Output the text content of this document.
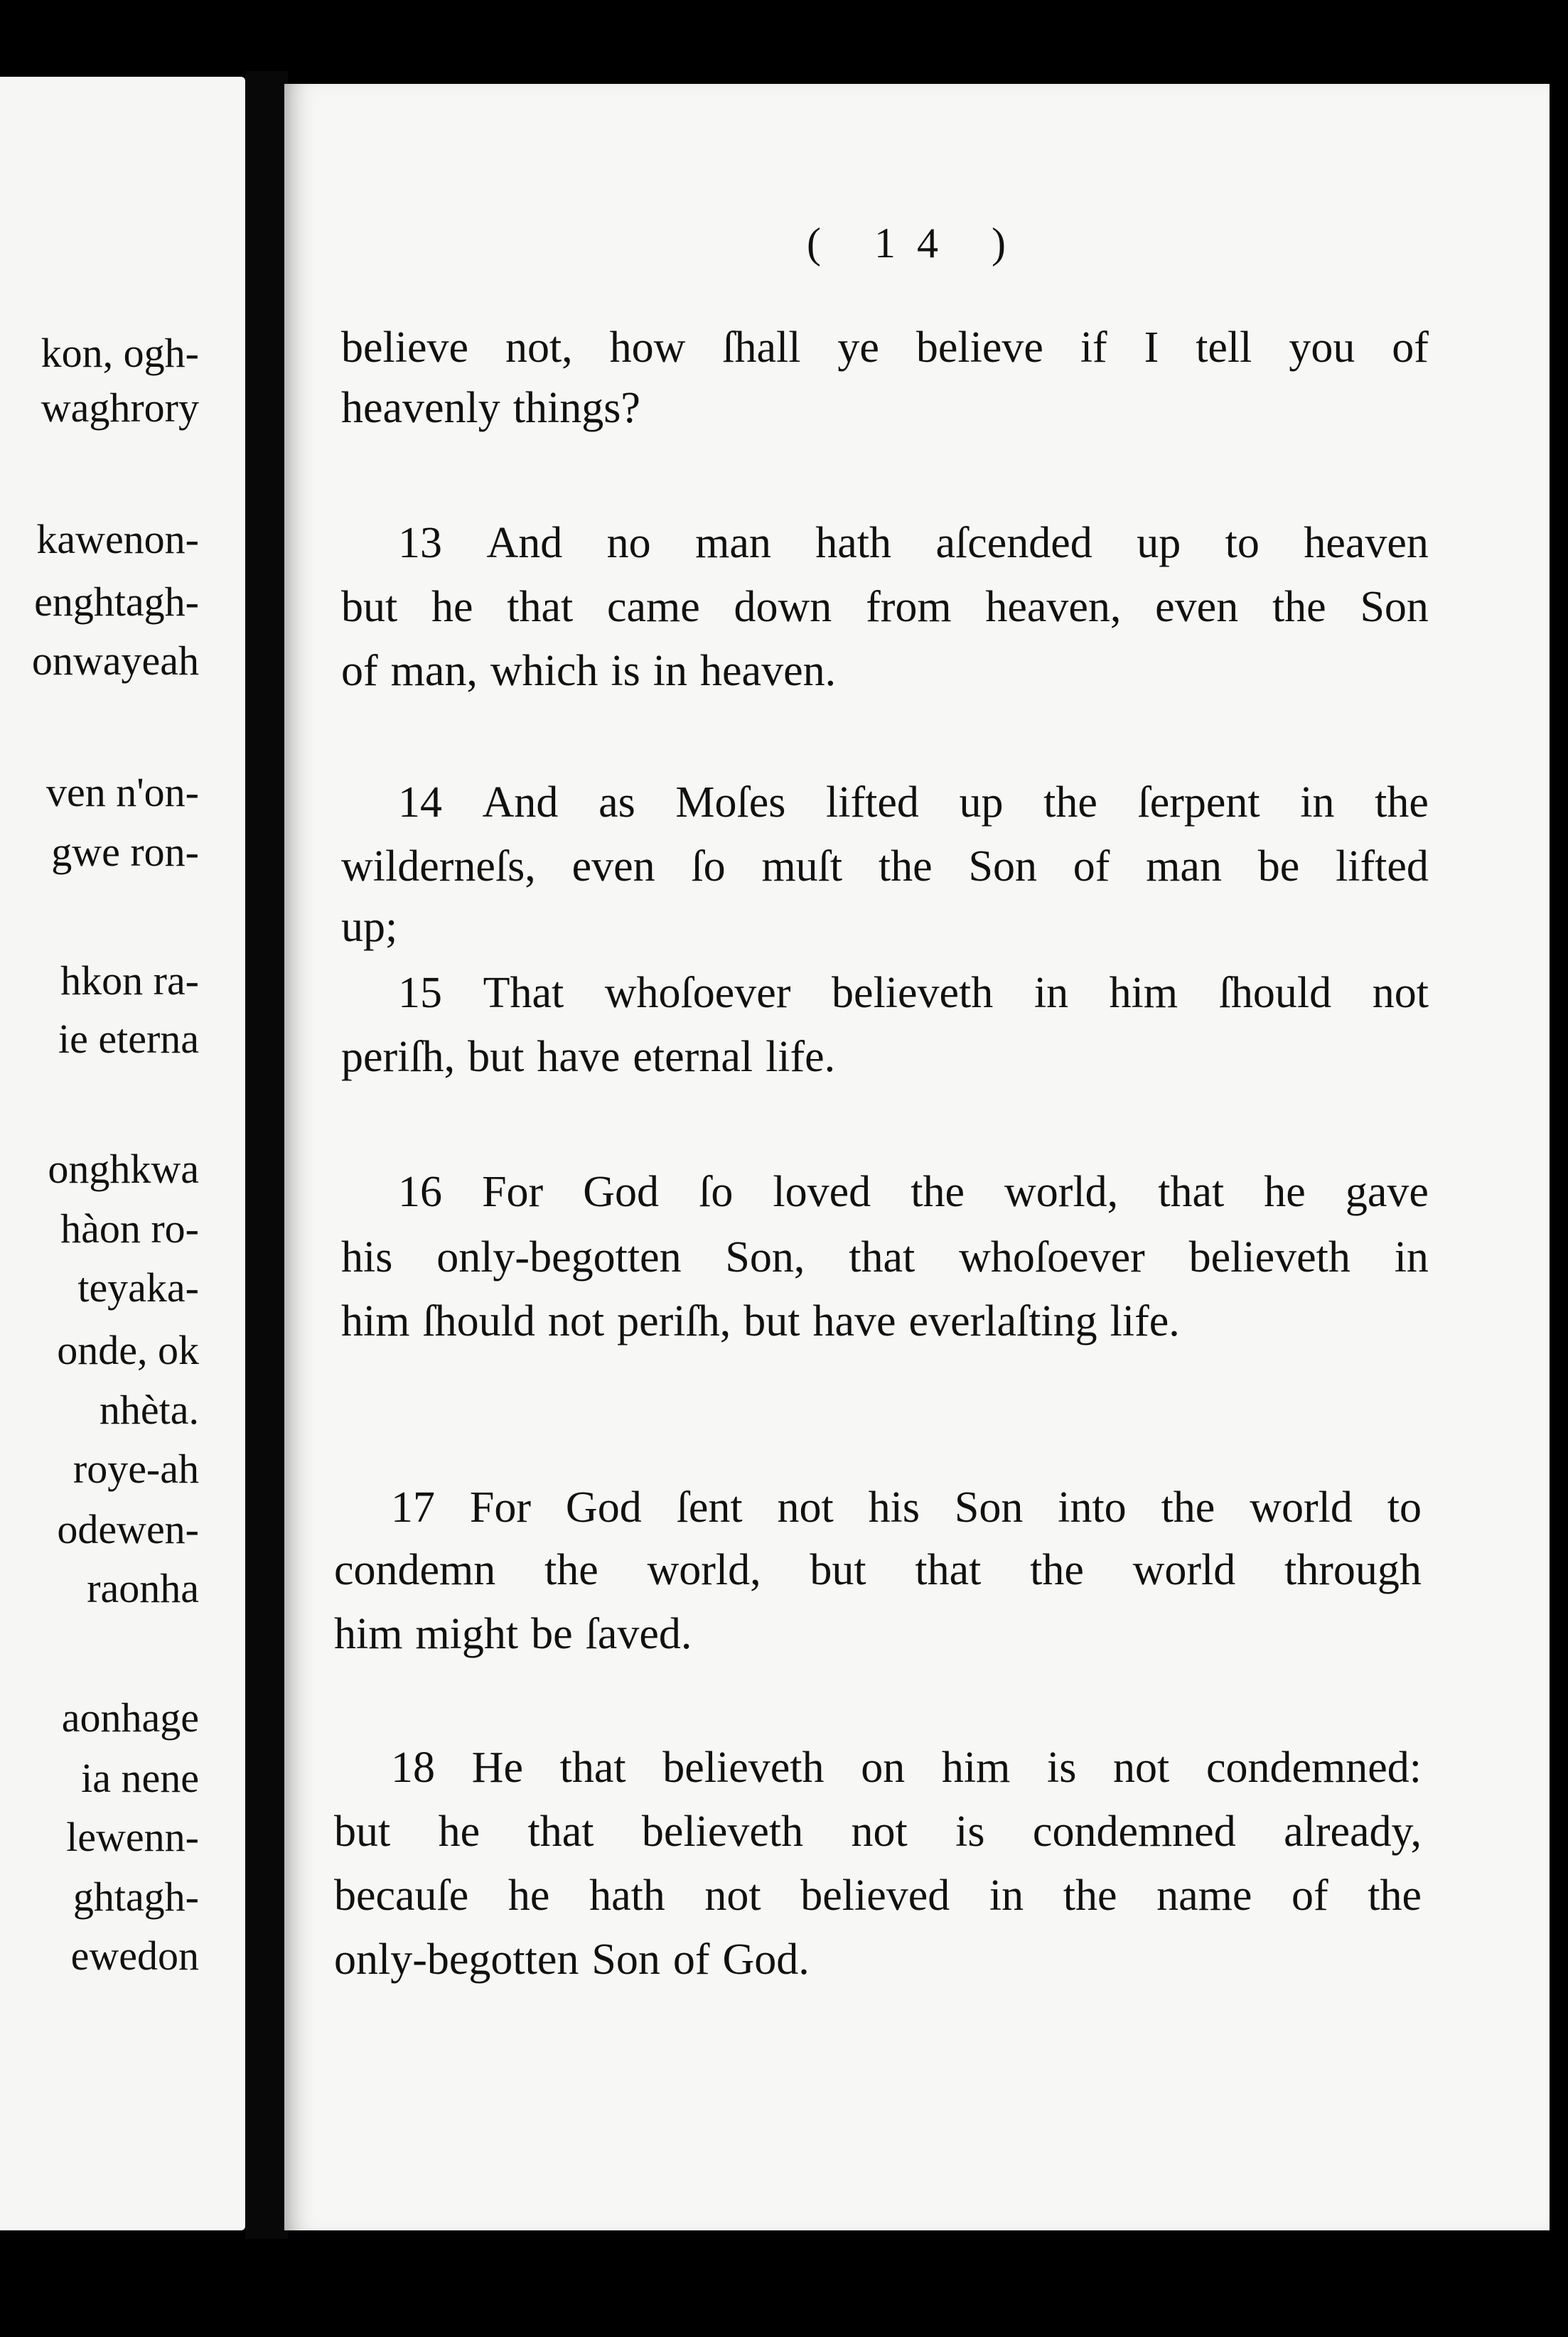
kon, ogh-

waghrory

kawenon-

enghtagh-

onwayeah

ven n'on-

gwe ron-

hkon ra-

ie eterna

onghkwa

hàon ro-

teyaka-

onde, ok

nhèta.

roye-ah

odewen-

raonha

aonhage

ia nene

lewenn-

ghtagh-

ewedon

( 14 )

believe not, how ſhall ye believe if I tell you of

heavenly things?

13 And no man hath aſcended up to heaven

but he that came down from heaven, even the Son

of man, which is in heaven.

14 And as Moſes lifted up the ſerpent in the

wilderneſs, even ſo muſt the Son of man be lifted

up;

15 That whoſoever believeth in him ſhould not

periſh, but have eternal life.

16 For God ſo loved the world, that he gave

his only-begotten Son, that whoſoever believeth in

him ſhould not periſh, but have everlaſting life.

17 For God ſent not his Son into the world to

condemn the world, but that the world through

him might be ſaved.

18 He that believeth on him is not condemned:

but he that believeth not is condemned already,

becauſe he hath not believed in the name of the

only-begotten Son of God.
